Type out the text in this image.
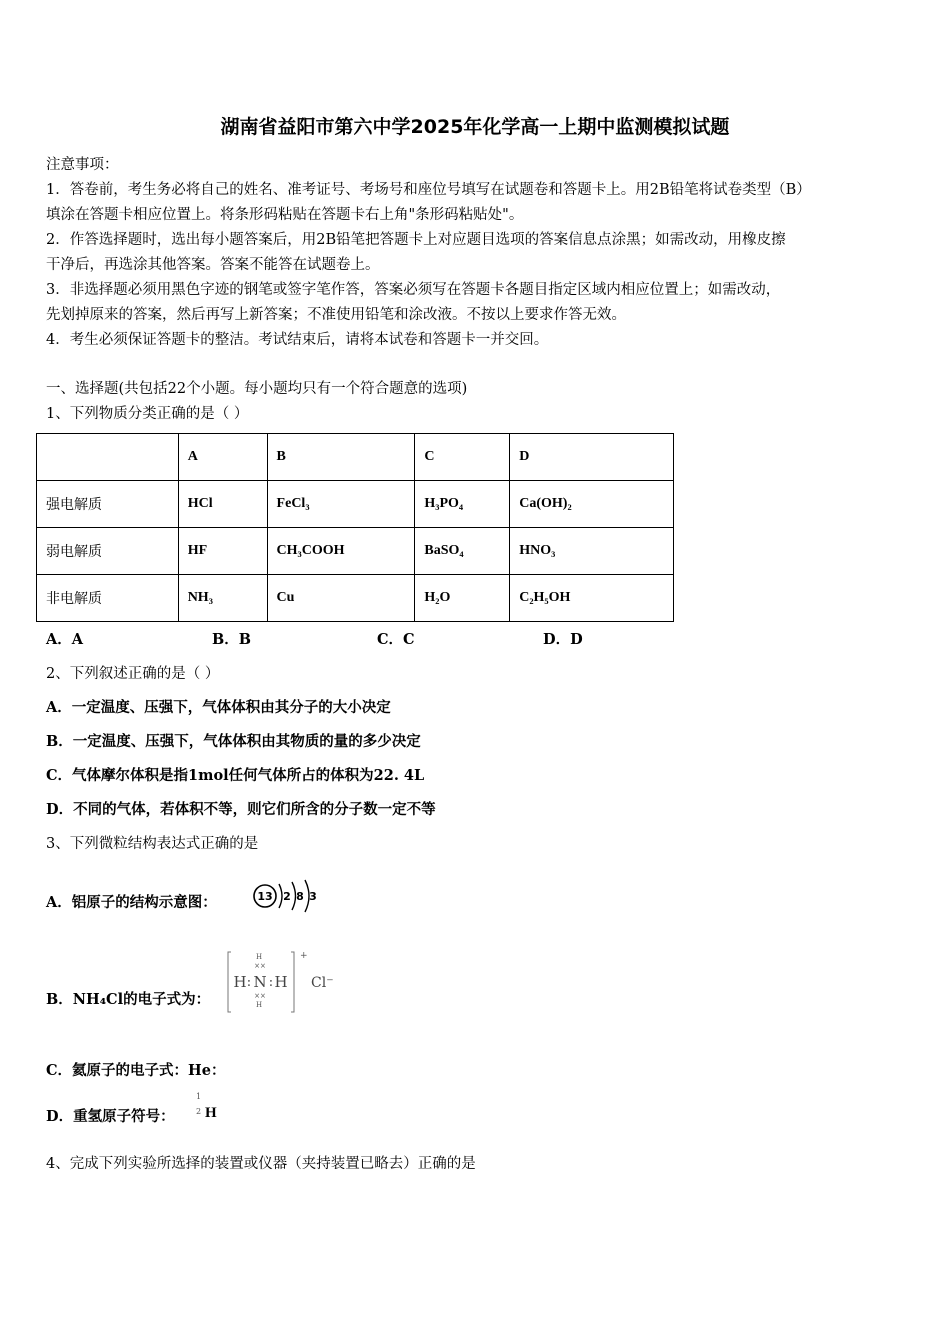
湖南省益阳市第六中学2025年化学高一上期中监测模拟试题
注意事项：
1．答卷前，考生务必将自己的姓名、准考证号、考场号和座位号填写在试题卷和答题卡上。用2B铅笔将试卷类型（B）
填涂在答题卡相应位置上。将条形码粘贴在答题卡右上角"条形码粘贴处"。
2．作答选择题时，选出每小题答案后，用2B铅笔把答题卡上对应题目选项的答案信息点涂黑；如需改动，用橡皮擦
干净后，再选涂其他答案。答案不能答在试题卷上。
3．非选择题必须用黑色字迹的钢笔或签字笔作答，答案必须写在答题卡各题目指定区域内相应位置上；如需改动，
先划掉原来的答案，然后再写上新答案；不准使用铅笔和涂改液。不按以上要求作答无效。
4．考生必须保证答题卡的整洁。考试结束后，请将本试卷和答题卡一并交回。
一、选择题(共包括22个小题。每小题均只有一个符合题意的选项)
1、下列物质分类正确的是（ ）
	A	B	C	D
强电解质	HCl	FeCl₃	H₃PO₄	Ca(OH)₂
弱电解质	HF	CH₃COOH	BaSO₄	HNO₃
非电解质	NH₃	Cu	H₂O	C₂H₅OH
A．A	B．B	C．C	D．D
2、下列叙述正确的是（ ）
A．一定温度、压强下，气体体积由其分子的大小决定
B．一定温度、压强下，气体体积由其物质的量的多少决定
C．气体摩尔体积是指1mol任何气体所占的体积为22. 4L
D．不同的气体，若体积不等，则它们所含的分子数一定不等
3、下列微粒结构表达式正确的是
A．铝原子的结构示意图：	13 2 8 3
B．NH₄Cl的电子式为：
H
××
H : N : H
××
H
+
Cl⁻
C．氦原子的电子式：He：
D．重氢原子符号：
1
2 H
4、完成下列实验所选择的装置或仪器（夹持装置已略去）正确的是
